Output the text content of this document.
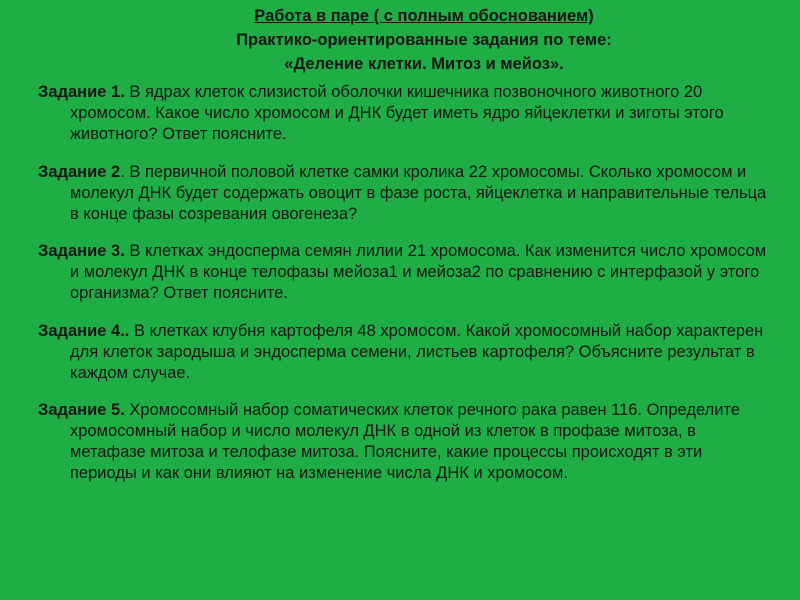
Работа в паре ( с полным обоснованием)
Практико-ориентированные задания по теме:
«Деление клетки. Митоз и мейоз».

Задание 1. В ядрах клеток слизистой оболочки кишечника позвоночного животного 20 хромосом. Какое число хромосом и ДНК будет иметь ядро яйцеклетки и зиготы этого животного? Ответ поясните.

Задание 2. В первичной половой клетке самки кролика 22 хромосомы. Сколько хромосом и молекул ДНК будет содержать овоцит в фазе роста, яйцеклетка и направительные тельца в конце фазы созревания овогенеза?

Задание 3. В клетках эндосперма семян лилии 21 хромосома. Как изменится число хромосом и молекул ДНК в конце телофазы мейоза1 и мейоза2 по сравнению с интерфазой у этого организма? Ответ поясните.

Задание 4.. В клетках клубня картофеля 48 хромосом. Какой хромосомный набор характерен для клеток зародыша и эндосперма семени, листьев картофеля? Объясните результат в каждом случае.

Задание 5. Хромосомный набор соматических клеток речного рака равен 116. Определите хромосомный набор и число молекул ДНК в одной из клеток в профазе митоза, в метафазе митоза и телофазе митоза. Поясните, какие процессы происходят в эти периоды и как они влияют на изменение числа ДНК и хромосом.
